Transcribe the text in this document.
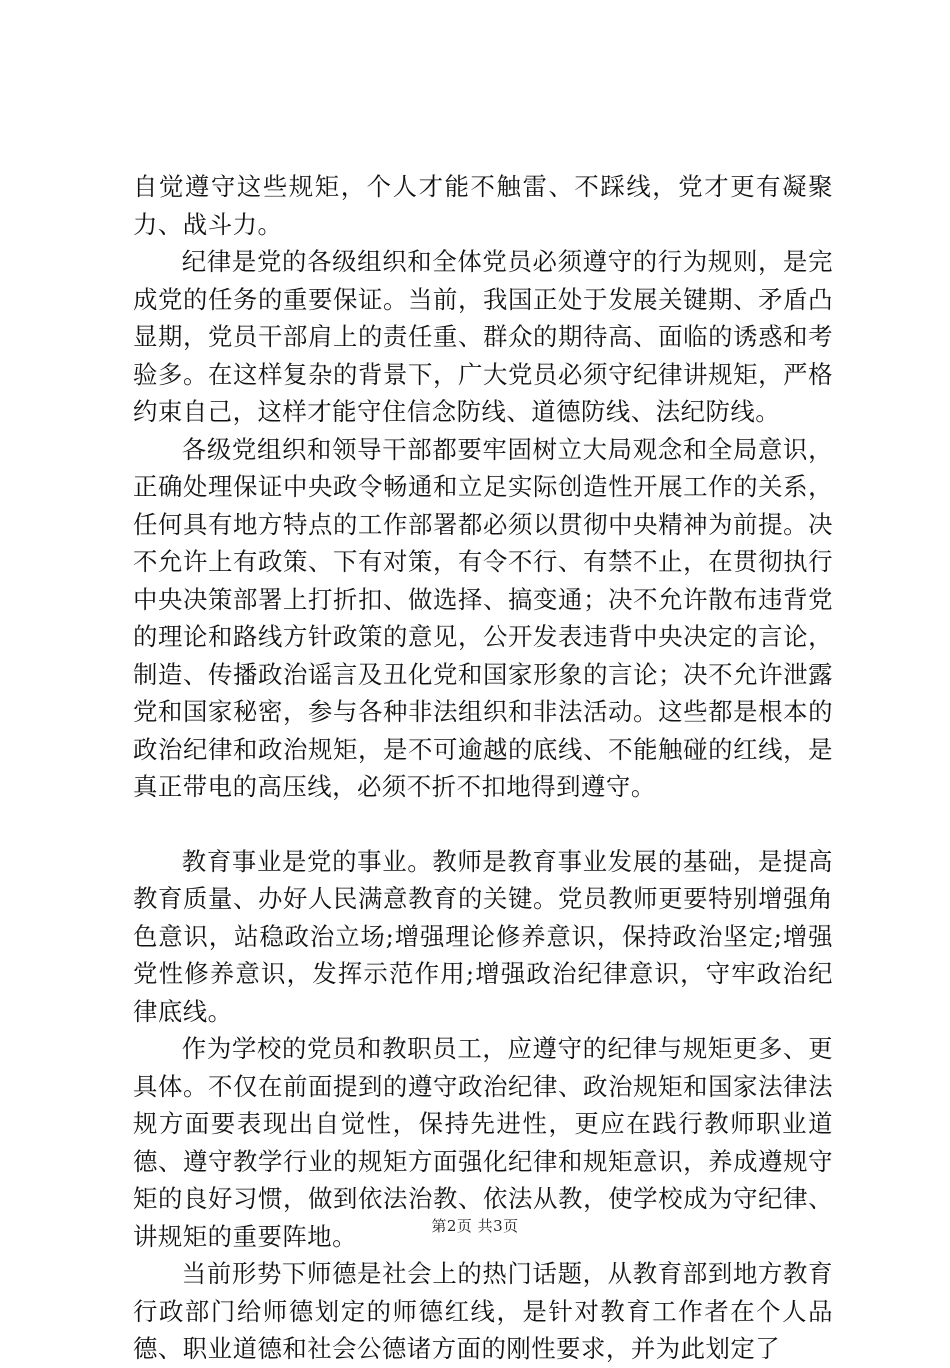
自觉遵守这些规矩，个人才能不触雷、不踩线，党才更有凝聚力、战斗力。

纪律是党的各级组织和全体党员必须遵守的行为规则，是完成党的任务的重要保证。当前，我国正处于发展关键期、矛盾凸显期，党员干部肩上的责任重、群众的期待高、面临的诱惑和考验多。在这样复杂的背景下，广大党员必须守纪律讲规矩，严格约束自己，这样才能守住信念防线、道德防线、法纪防线。

各级党组织和领导干部都要牢固树立大局观念和全局意识，正确处理保证中央政令畅通和立足实际创造性开展工作的关系，任何具有地方特点的工作部署都必须以贯彻中央精神为前提。决不允许上有政策、下有对策，有令不行、有禁不止，在贯彻执行中央决策部署上打折扣、做选择、搞变通；决不允许散布违背党的理论和路线方针政策的意见，公开发表违背中央决定的言论，制造、传播政治谣言及丑化党和国家形象的言论；决不允许泄露党和国家秘密，参与各种非法组织和非法活动。这些都是根本的政治纪律和政治规矩，是不可逾越的底线、不能触碰的红线，是真正带电的高压线，必须不折不扣地得到遵守。

教育事业是党的事业。教师是教育事业发展的基础，是提高教育质量、办好人民满意教育的关键。党员教师更要特别增强角色意识，站稳政治立场;增强理论修养意识，保持政治坚定;增强党性修养意识，发挥示范作用;增强政治纪律意识，守牢政治纪律底线。

作为学校的党员和教职员工，应遵守的纪律与规矩更多、更具体。不仅在前面提到的遵守政治纪律、政治规矩和国家法律法规方面要表现出自觉性，保持先进性，更应在践行教师职业道德、遵守教学行业的规矩方面强化纪律和规矩意识，养成遵规守矩的良好习惯，做到依法治教、依法从教，使学校成为守纪律、讲规矩的重要阵地。

当前形势下师德是社会上的热门话题，从教育部到地方教育行政部门给师德划定的师德红线，是针对教育工作者在个人品德、职业道德和社会公德诸方面的刚性要求，并为此划定了

第2页 共3页
